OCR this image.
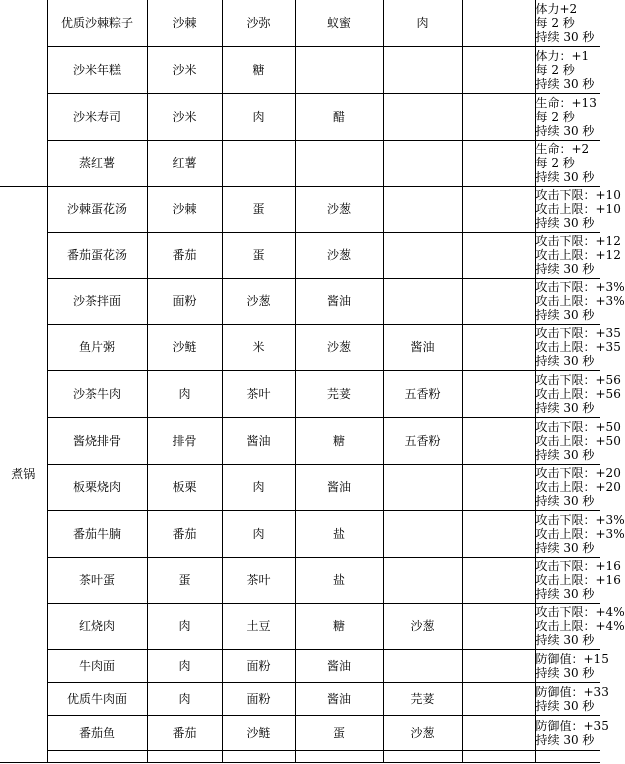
	优质沙棘粽子	沙棘	沙弥	蚁蜜	肉		体力+2
每 2 秒
持续 30 秒

	沙米年糕	沙米	糖				体力：+1
每 2 秒
持续 30 秒

	沙米寿司	沙米	肉	醋			生命：+13
每 2 秒
持续 30 秒

	蒸红薯	红薯					生命：+2
每 2 秒
持续 30 秒

煮锅	沙棘蛋花汤	沙棘	蛋	沙葱			攻击下限：+10
攻击上限：+10
持续 30 秒

	番茄蛋花汤	番茄	蛋	沙葱			攻击下限：+12
攻击上限：+12
持续 30 秒

	沙茶拌面	面粉	沙葱	酱油			攻击下限：+3%
攻击上限：+3%
持续 30 秒

	鱼片粥	沙鲢	米	沙葱	酱油		攻击下限：+35
攻击上限：+35
持续 30 秒

	沙茶牛肉	肉	茶叶	芫荽	五香粉		攻击下限：+56
攻击上限：+56
持续 30 秒

	酱烧排骨	排骨	酱油	糖	五香粉		攻击下限：+50
攻击上限：+50
持续 30 秒

	板栗烧肉	板栗	肉	酱油			攻击下限：+20
攻击上限：+20
持续 30 秒

	番茄牛腩	番茄	肉	盐			攻击下限：+3%
攻击上限：+3%
持续 30 秒

	茶叶蛋	蛋	茶叶	盐			攻击下限：+16
攻击上限：+16
持续 30 秒

	红烧肉	肉	土豆	糖	沙葱		攻击下限：+4%
攻击上限：+4%
持续 30 秒

	牛肉面	肉	面粉	酱油			防御值：+15
持续 30 秒

	优质牛肉面	肉	面粉	酱油	芫荽		防御值：+33
持续 30 秒

	番茄鱼	番茄	沙鲢	蛋	沙葱		防御值：+35
持续 30 秒
